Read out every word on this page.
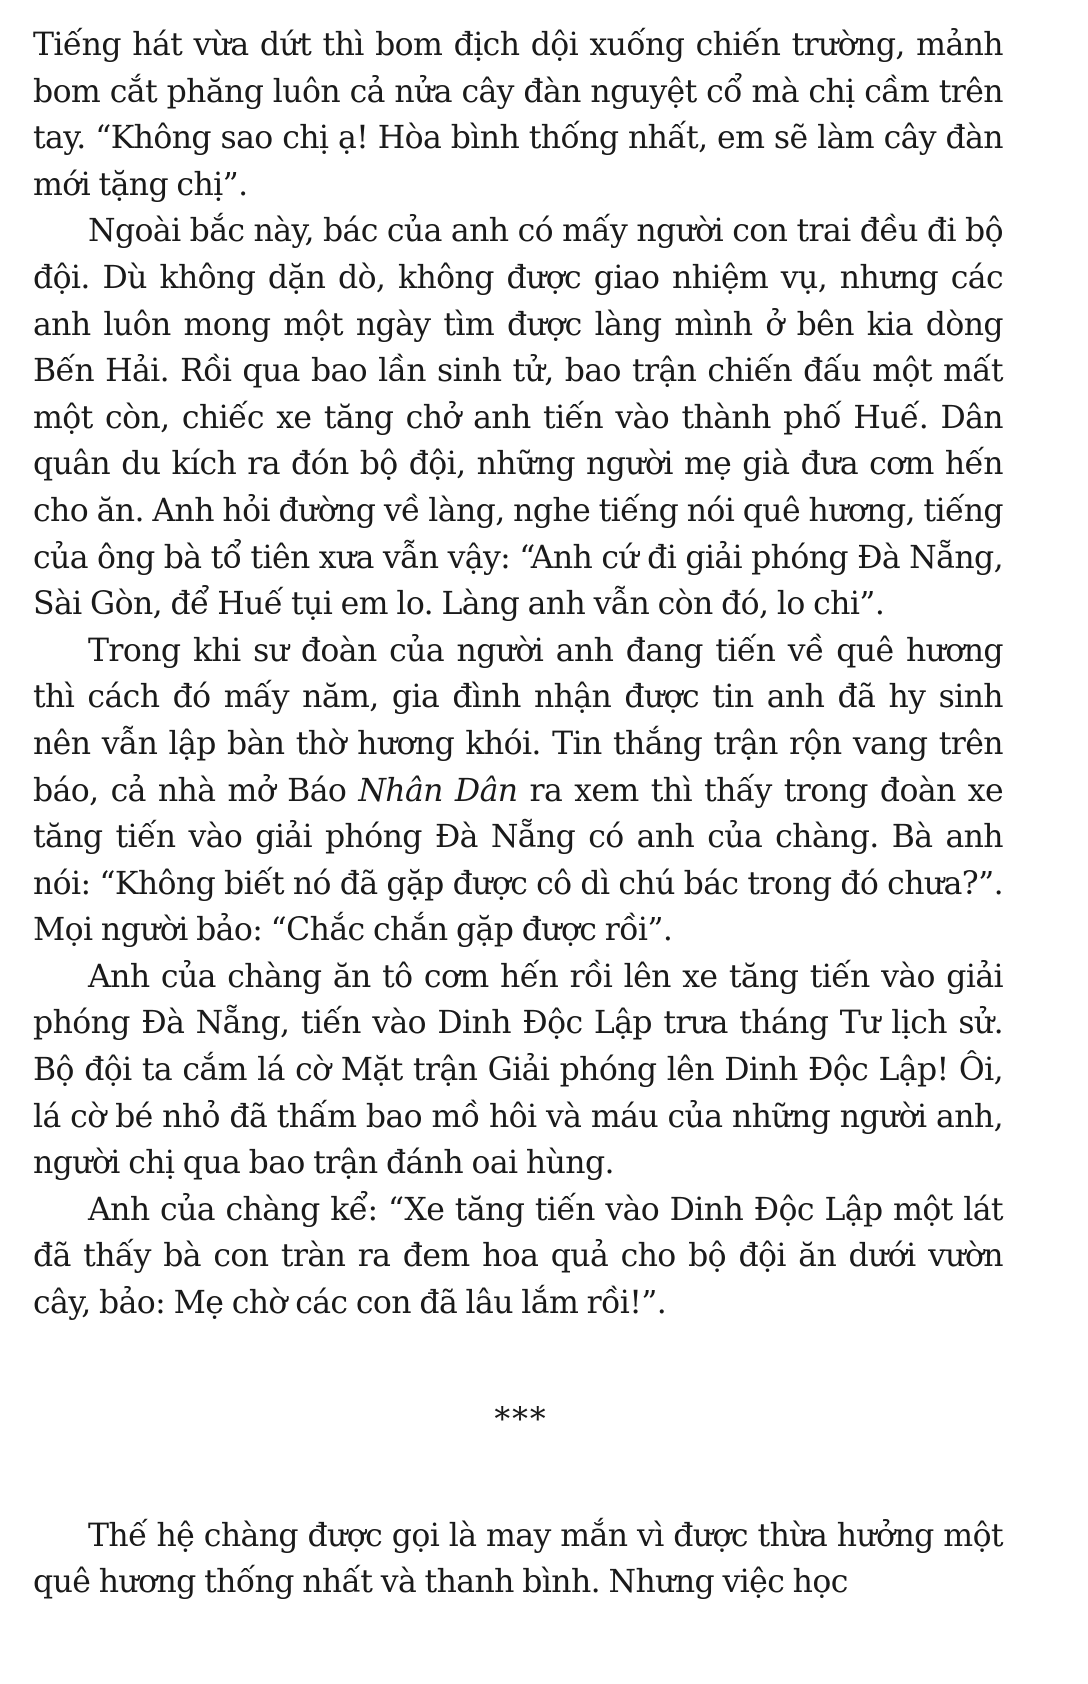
Tiếng hát vừa dứt thì bom địch dội xuống chiến trường, mảnh bom cắt phăng luôn cả nửa cây đàn nguyệt cổ mà chị cầm trên tay. “Không sao chị ạ! Hòa bình thống nhất, em sẽ làm cây đàn mới tặng chị”.

Ngoài bắc này, bác của anh có mấy người con trai đều đi bộ đội. Dù không dặn dò, không được giao nhiệm vụ, nhưng các anh luôn mong một ngày tìm được làng mình ở bên kia dòng Bến Hải. Rồi qua bao lần sinh tử, bao trận chiến đấu một mất một còn, chiếc xe tăng chở anh tiến vào thành phố Huế. Dân quân du kích ra đón bộ đội, những người mẹ già đưa cơm hến cho ăn. Anh hỏi đường về làng, nghe tiếng nói quê hương, tiếng của ông bà tổ tiên xưa vẫn vậy: “Anh cứ đi giải phóng Đà Nẵng, Sài Gòn, để Huế tụi em lo. Làng anh vẫn còn đó, lo chi”.

Trong khi sư đoàn của người anh đang tiến về quê hương thì cách đó mấy năm, gia đình nhận được tin anh đã hy sinh nên vẫn lập bàn thờ hương khói. Tin thắng trận rộn vang trên báo, cả nhà mở Báo Nhân Dân ra xem thì thấy trong đoàn xe tăng tiến vào giải phóng Đà Nẵng có anh của chàng. Bà anh nói: “Không biết nó đã gặp được cô dì chú bác trong đó chưa?”. Mọi người bảo: “Chắc chắn gặp được rồi”.

Anh của chàng ăn tô cơm hến rồi lên xe tăng tiến vào giải phóng Đà Nẵng, tiến vào Dinh Độc Lập trưa tháng Tư lịch sử. Bộ đội ta cắm lá cờ Mặt trận Giải phóng lên Dinh Độc Lập! Ôi, lá cờ bé nhỏ đã thấm bao mồ hôi và máu của những người anh, người chị qua bao trận đánh oai hùng.

Anh của chàng kể: “Xe tăng tiến vào Dinh Độc Lập một lát đã thấy bà con tràn ra đem hoa quả cho bộ đội ăn dưới vườn cây, bảo: Mẹ chờ các con đã lâu lắm rồi!”.

***

Thế hệ chàng được gọi là may mắn vì được thừa hưởng một quê hương thống nhất và thanh bình. Nhưng việc học
